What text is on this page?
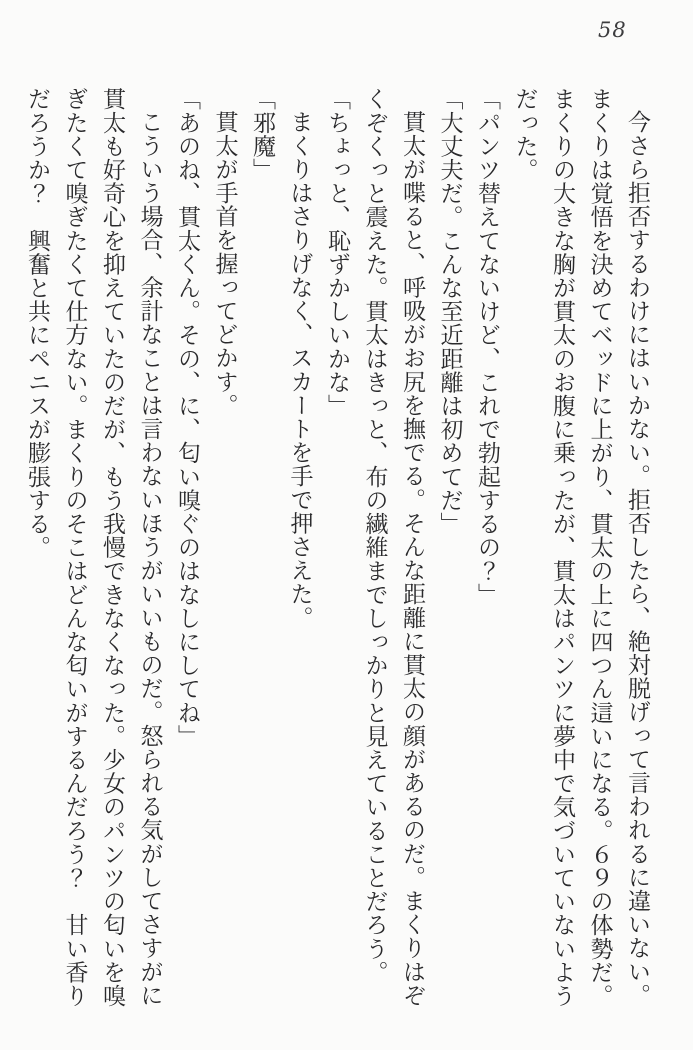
58

今さら拒否するわけにはいかない。拒否したら、絶対脱げって言われるに違いない。まくりは覚悟を決めてベッドに上がり、貫太の上に四つん這いになる。６９の体勢だ。まくりの大きな胸が貫太のお腹に乗ったが、貫太はパンツに夢中で気づいていないようだった。

「パンツ替えてないけど、これで勃起するの？」

「大丈夫だ。こんな至近距離は初めてだ」

貫太が喋ると、呼吸がお尻を撫でる。そんな距離に貫太の顔があるのだ。まくりはぞくぞくっと震えた。貫太はきっと、布の繊維までしっかりと見えていることだろう。

「ちょっと、恥ずかしいかな」

まくりはさりげなく、スカートを手で押さえた。

「邪魔」

貫太が手首を握ってどかす。

「あのね、貫太くん。その、に、匂い嗅ぐのはなしにしてね」

こういう場合、余計なことは言わないほうがいいものだ。怒られる気がしてさすがに貫太も好奇心を抑えていたのだが、もう我慢できなくなった。少女のパンツの匂いを嗅ぎたくて嗅ぎたくて仕方ない。まくりのそこはどんな匂いがするんだろう？　甘い香りだろうか？　興奮と共にペニスが膨張する。
